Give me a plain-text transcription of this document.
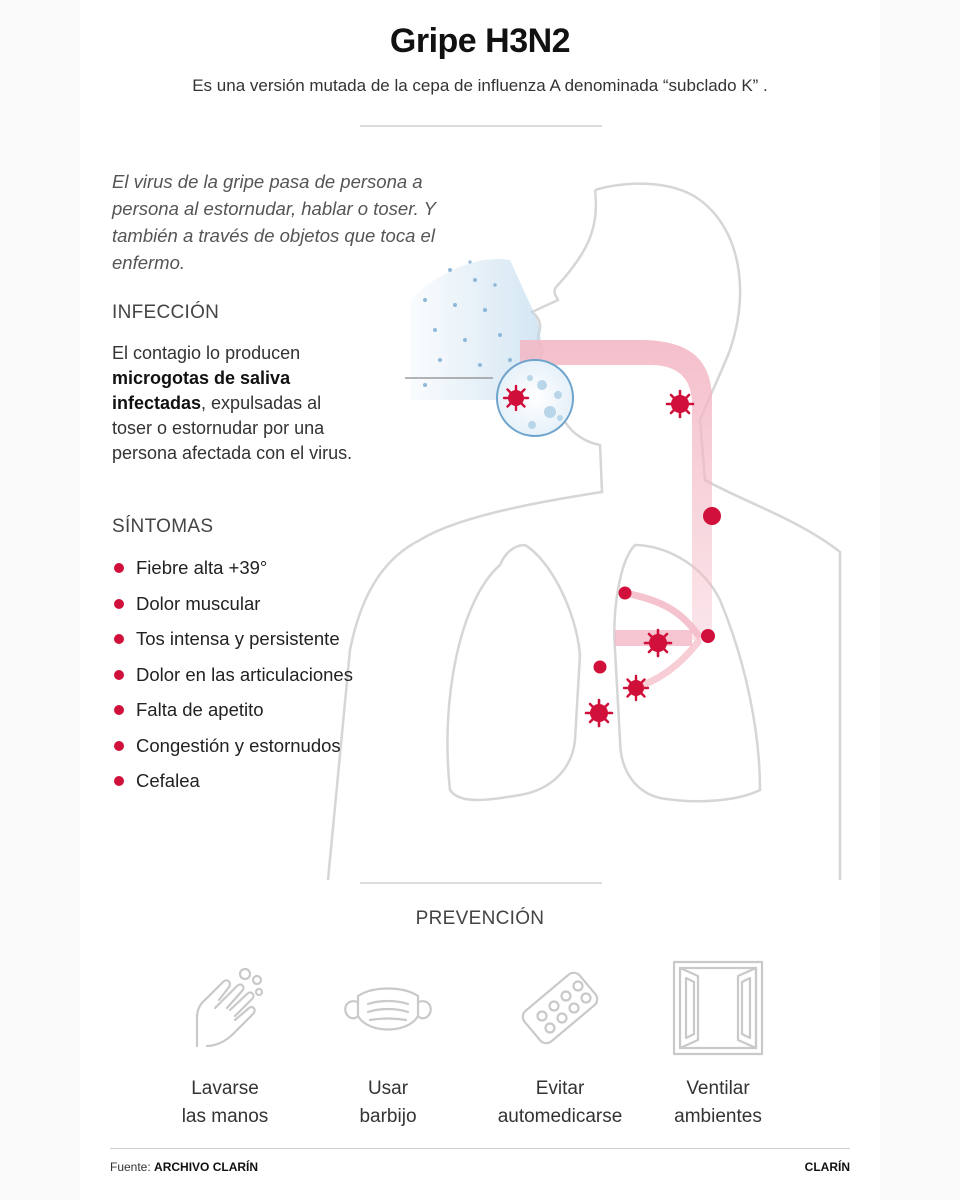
Gripe H3N2
Es una versión mutada de la cepa de influenza A denominada “subclado K” .
El virus de la gripe pasa de persona a persona al estornudar, hablar o toser. Y también a través de objetos que toca el enfermo.
INFECCIÓN
El contagio lo producen
microgotas de saliva infectadas, expulsadas al toser o estornudar por una persona afectada con el virus.
SÍNTOMAS
Fiebre alta +39°
Dolor muscular
Tos intensa y persistente
Dolor en las articulaciones
Falta de apetito
Congestión y estornudos
Cefalea
PREVENCIÓN
Lavarse
las manos
Usar
barbijo
Evitar
automedicarse
Ventilar
ambientes
Fuente: ARCHIVO CLARÍN	CLARÍN
